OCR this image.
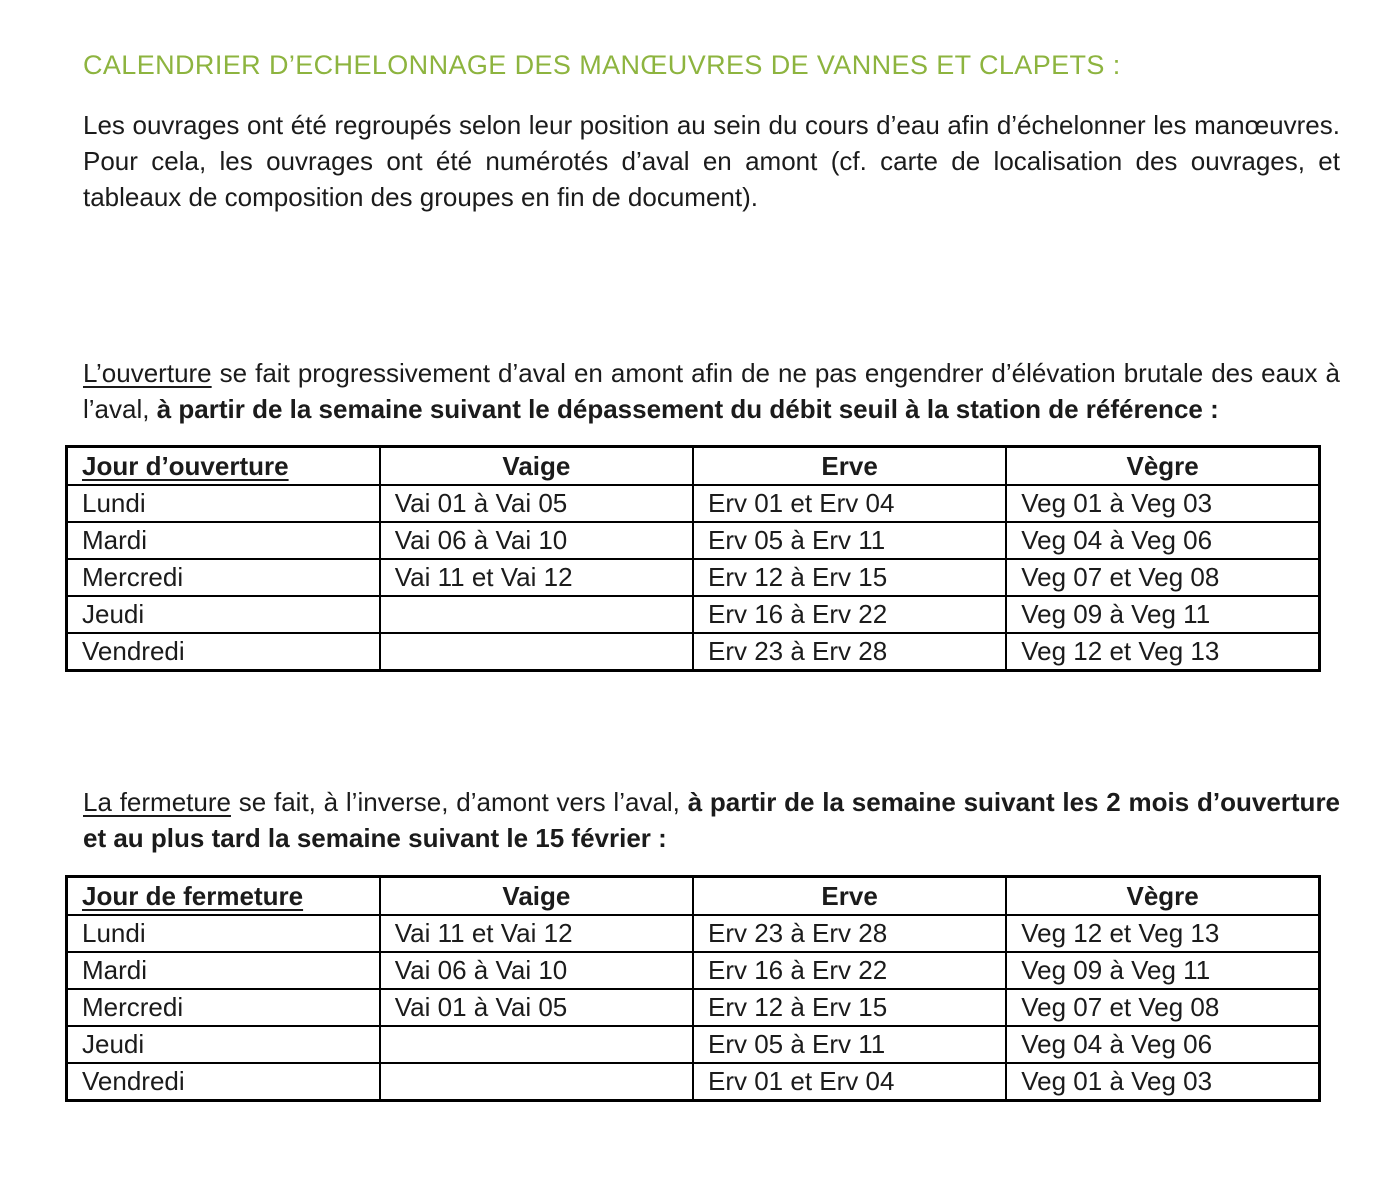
CALENDRIER D’ECHELONNAGE DES MANŒUVRES DE VANNES ET CLAPETS :

Les ouvrages ont été regroupés selon leur position au sein du cours d’eau afin d’échelonner les manœuvres. Pour cela, les ouvrages ont été numérotés d’aval en amont (cf. carte de localisation des ouvrages, et tableaux de composition des groupes en fin de document).

L’ouverture se fait progressivement d’aval en amont afin de ne pas engendrer d’élévation brutale des eaux à l’aval, à partir de la semaine suivant le dépassement du débit seuil à la station de référence :

Jour d’ouverture	Vaige	Erve	Vègre
Lundi	Vai 01 à Vai 05	Erv 01 et Erv 04	Veg 01 à Veg 03
Mardi	Vai 06 à Vai 10	Erv 05 à Erv 11	Veg 04 à Veg 06
Mercredi	Vai 11 et Vai 12	Erv 12 à Erv 15	Veg 07 et Veg 08
Jeudi		Erv 16 à Erv 22	Veg 09 à Veg 11
Vendredi		Erv 23 à Erv 28	Veg 12 et Veg 13

La fermeture se fait, à l’inverse, d’amont vers l’aval, à partir de la semaine suivant les 2 mois d’ouverture et au plus tard la semaine suivant le 15 février :

Jour de fermeture	Vaige	Erve	Vègre
Lundi	Vai 11 et Vai 12	Erv 23 à Erv 28	Veg 12 et Veg 13
Mardi	Vai 06 à Vai 10	Erv 16 à Erv 22	Veg 09 à Veg 11
Mercredi	Vai 01 à Vai 05	Erv 12 à Erv 15	Veg 07 et Veg 08
Jeudi		Erv 05 à Erv 11	Veg 04 à Veg 06
Vendredi		Erv 01 et Erv 04	Veg 01 à Veg 03
